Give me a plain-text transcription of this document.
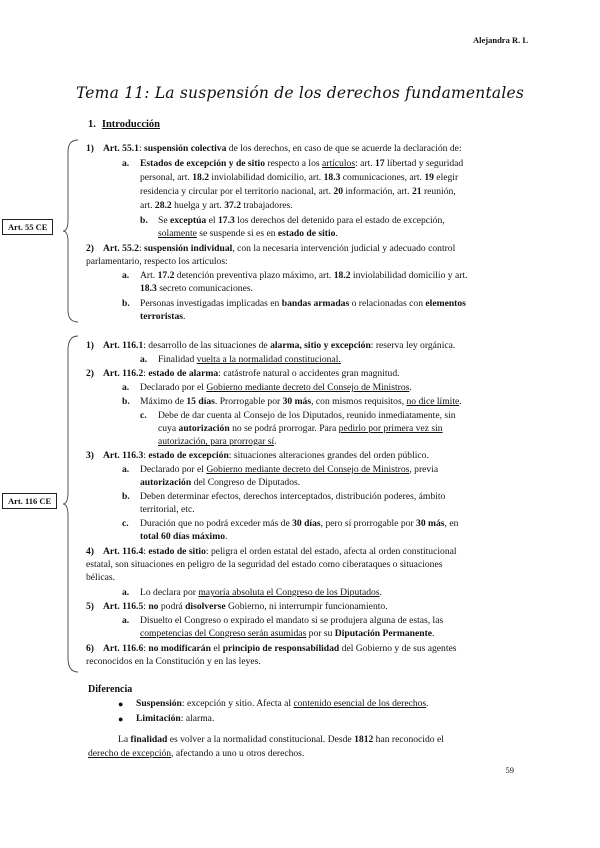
Alejandra R. L
Tema 11: La suspensión de los derechos fundamentales
1. Introducción
Art. 55 CE
Art. 116 CE
1) Art. 55.1: suspensión colectiva de los derechos, en caso de que se acuerde la declaración de:
a. Estados de excepción y de sitio respecto a los artículos: art. 17 libertad y seguridad
personal, art. 18.2 inviolabilidad domicilio, art. 18.3 comunicaciones, art. 19 elegir
residencia y circular por el territorio nacional, art. 20 información, art. 21 reunión,
art. 28.2 huelga y art. 37.2 trabajadores.
b. Se exceptúa el 17.3 los derechos del detenido para el estado de excepción,
solamente se suspende si es en estado de sitio.
2) Art. 55.2: suspensión individual, con la necesaria intervención judicial y adecuado control
parlamentario, respecto los artículos:
a. Art. 17.2 detención preventiva plazo máximo, art. 18.2 inviolabilidad domicilio y art.
18.3 secreto comunicaciones.
b. Personas investigadas implicadas en bandas armadas o relacionadas con elementos
terroristas.
1) Art. 116.1: desarrollo de las situaciones de alarma, sitio y excepción: reserva ley orgánica.
a. Finalidad vuelta a la normalidad constitucional.
2) Art. 116.2: estado de alarma: catástrofe natural o accidentes gran magnitud.
a. Declarado por el Gobierno mediante decreto del Consejo de Ministros.
b. Máximo de 15 días. Prorrogable por 30 más, con mismos requisitos, no dice límite.
c. Debe de dar cuenta al Consejo de los Diputados, reunido inmediatamente, sin
cuya autorización no se podrá prorrogar. Para pedirlo por primera vez sin
autorización, para prorrogar sí.
3) Art. 116.3: estado de excepción: situaciones alteraciones grandes del orden público.
a. Declarado por el Gobierno mediante decreto del Consejo de Ministros, previa
autorización del Congreso de Diputados.
b. Deben determinar efectos, derechos interceptados, distribución poderes, ámbito
territorial, etc.
c. Duración que no podrá exceder más de 30 días, pero sí prorrogable por 30 más, en
total 60 días máximo.
4) Art. 116.4: estado de sitio: peligra el orden estatal del estado, afecta al orden constitucional
estatal, son situaciones en peligro de la seguridad del estado como ciberataques o situaciones
bélicas.
a. Lo declara por mayoría absoluta el Congreso de los Diputados.
5) Art. 116.5: no podrá disolverse Gobierno, ni interrumpir funcionamiento.
a. Disuelto el Congreso o expirado el mandato si se produjera alguna de estas, las
competencias del Congreso serán asumidas por su Diputación Permanente.
6) Art. 116.6: no modificarán el principio de responsabilidad del Gobierno y de sus agentes
reconocidos en la Constitución y en las leyes.
Diferencia
● Suspensión: excepción y sitio. Afecta al contenido esencial de los derechos.
● Limitación: alarma.
La finalidad es volver a la normalidad constitucional. Desde 1812 han reconocido el
derecho de excepción, afectando a uno u otros derechos.
59
